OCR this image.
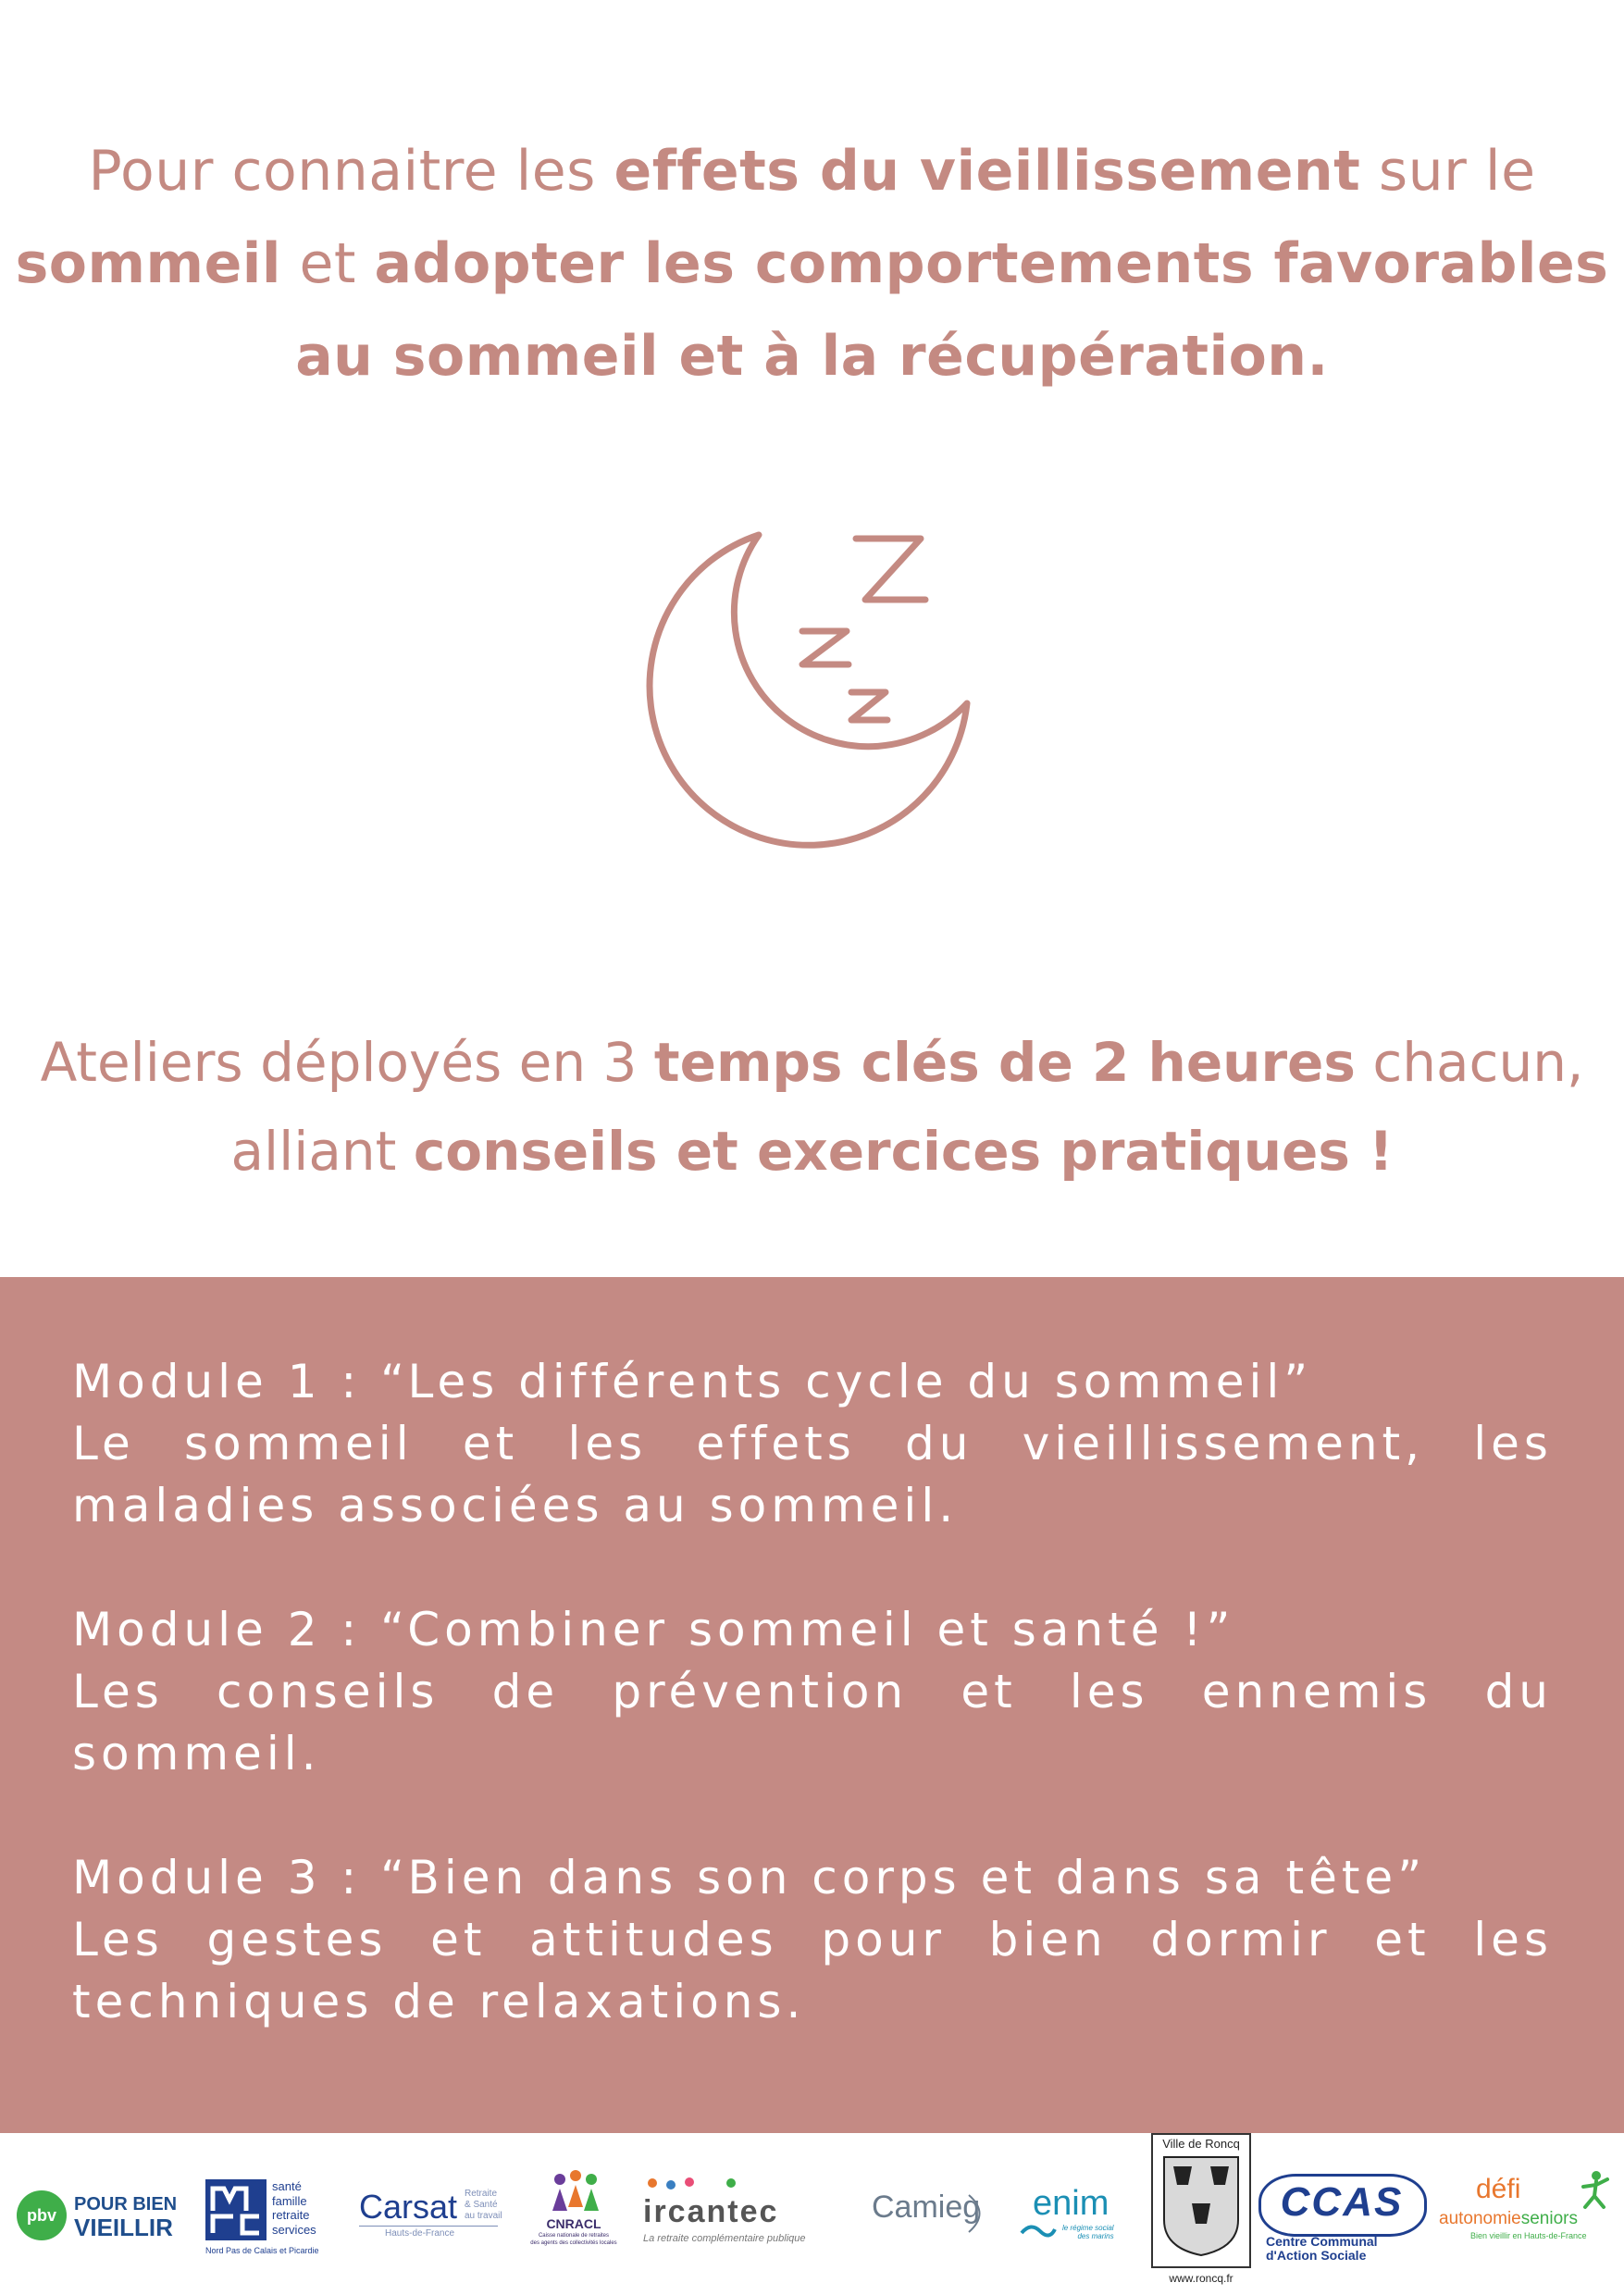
Pour connaitre les effets du vieillissement sur le
sommeil et adopter les comportements favorables au sommeil et à la récupération.
Ateliers déployés en 3 temps clés de 2 heures chacun, alliant conseils et exercices pratiques !
Module 1 : “Les différents cycle du sommeil”
Le sommeil et les effets du vieillissement, les maladies associées au sommeil.
Module 2 : “Combiner sommeil et santé !”
Les conseils de prévention et les ennemis du sommeil.
Module 3 : “Bien dans son corps et dans sa tête”
Les gestes et attitudes pour bien dormir et les techniques de relaxations.
pbv
POUR BIEN
VIEILLIR
santé
famille
retraite
services
Nord Pas de Calais et Picardie
Carsat Retraite
& Santé
au travail
Hauts-de-France
CNRACL
Caisse nationale de retraites
des agents des collectivités locales
ircantec
La retraite complémentaire publique
Camieg enim
le régime social
des marins
Ville de Roncq
www.roncq.fr
CCAS
Centre Communal
d'Action Sociale
défi
autonomieseniors
Bien vieillir en Hauts-de-France
